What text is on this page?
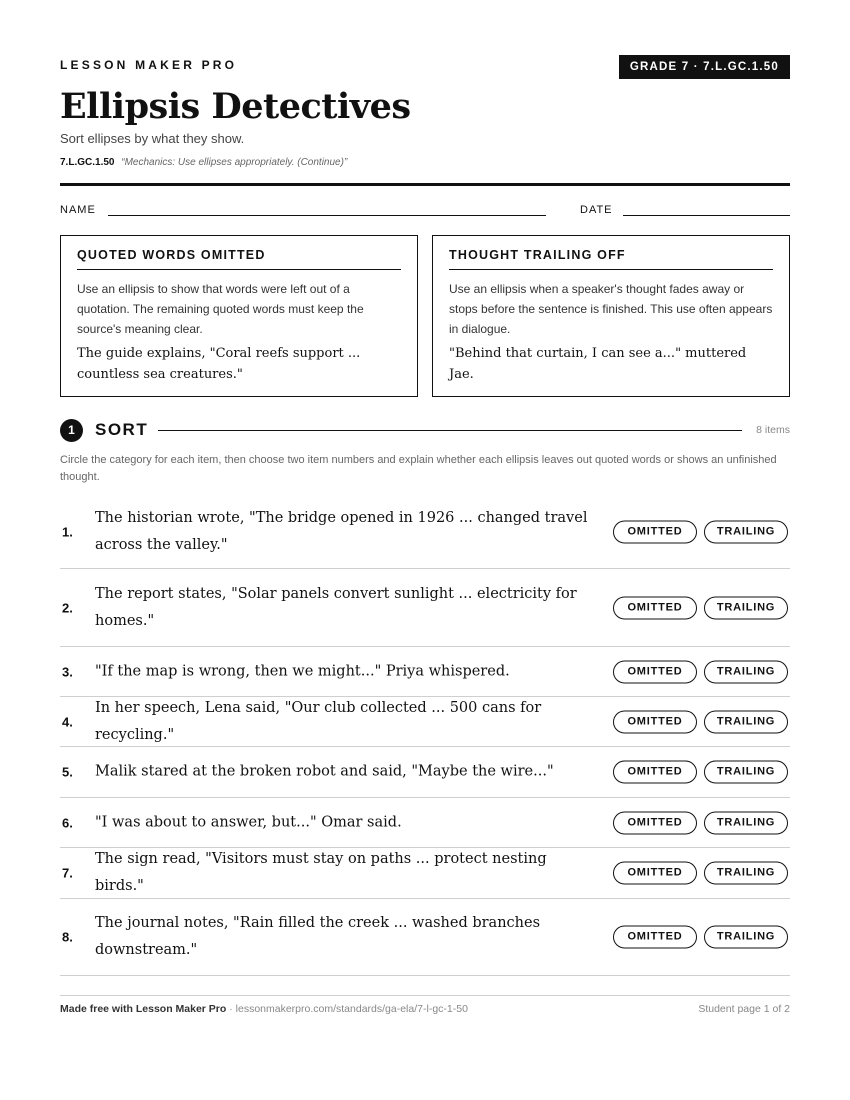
LESSON MAKER PRO	GRADE 7 · 7.L.GC.1.50
Ellipsis Detectives
Sort ellipses by what they show.
7.L.GC.1.50 “Mechanics: Use ellipses appropriately. (Continue)”
NAME	DATE
QUOTED WORDS OMITTED
Use an ellipsis to show that words were left out of a quotation. The remaining quoted words must keep the source's meaning clear.
The guide explains, "Coral reefs support ... countless sea creatures."
THOUGHT TRAILING OFF
Use an ellipsis when a speaker's thought fades away or stops before the sentence is finished. This use often appears in dialogue.
"Behind that curtain, I can see a..." muttered Jae.
1	SORT	8 items
Circle the category for each item, then choose two item numbers and explain whether each ellipsis leaves out quoted words or shows an unfinished thought.
1.
The historian wrote, "The bridge opened in 1926 ... changed travel across the valley."
OMITTED	TRAILING
2.
The report states, "Solar panels convert sunlight ... electricity for homes."
OMITTED	TRAILING
3. "If the map is wrong, then we might..." Priya whispered.	OMITTED	TRAILING
4.
In her speech, Lena said, "Our club collected ... 500 cans for recycling."
OMITTED	TRAILING
5. Malik stared at the broken robot and said, "Maybe the wire..."	OMITTED	TRAILING
6. "I was about to answer, but..." Omar said.	OMITTED	TRAILING
7.
The sign read, "Visitors must stay on paths ... protect nesting birds."
OMITTED	TRAILING
8.
The journal notes, "Rain filled the creek ... washed branches downstream."
OMITTED	TRAILING
Made free with Lesson Maker Pro · lessonmakerpro.com/standards/ga-ela/7-l-gc-1-50	Student page 1 of 2
